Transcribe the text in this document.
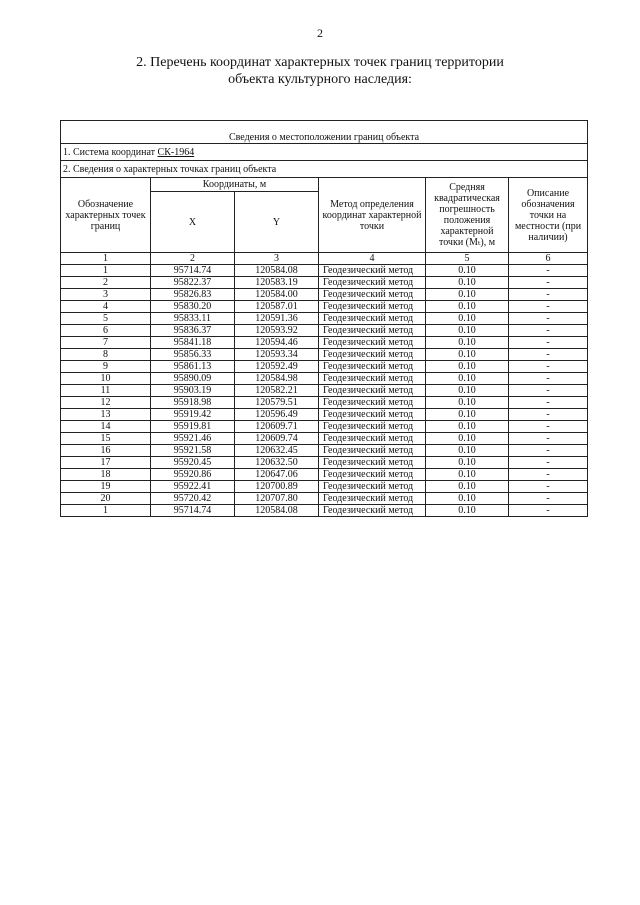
2
2. Перечень координат характерных точек границ территории
объекта культурного наследия:
Сведения о местоположении границ объекта					
1. Система координат СК-1964					
2. Сведения о характерных точках границ объекта					
Обозначение характерных точек границ	Координаты, м		Метод определения координат характерной точки	Средняя квадратическая погрешность положения характерной точки (Mₜ), м	Описание обозначения точки на местности (при наличии)
	X	Y			
1	2	3	4	5	6
1	95714.74	120584.08	Геодезический метод	0.10	-
2	95822.37	120583.19	Геодезический метод	0.10	-
3	95826.83	120584.00	Геодезический метод	0.10	-
4	95830.20	120587.01	Геодезический метод	0.10	-
5	95833.11	120591.36	Геодезический метод	0.10	-
6	95836.37	120593.92	Геодезический метод	0.10	-
7	95841.18	120594.46	Геодезический метод	0.10	-
8	95856.33	120593.34	Геодезический метод	0.10	-
9	95861.13	120592.49	Геодезический метод	0.10	-
10	95890.09	120584.98	Геодезический метод	0.10	-
11	95903.19	120582.21	Геодезический метод	0.10	-
12	95918.98	120579.51	Геодезический метод	0.10	-
13	95919.42	120596.49	Геодезический метод	0.10	-
14	95919.81	120609.71	Геодезический метод	0.10	-
15	95921.46	120609.74	Геодезический метод	0.10	-
16	95921.58	120632.45	Геодезический метод	0.10	-
17	95920.45	120632.50	Геодезический метод	0.10	-
18	95920.86	120647.06	Геодезический метод	0.10	-
19	95922.41	120700.89	Геодезический метод	0.10	-
20	95720.42	120707.80	Геодезический метод	0.10	-
1	95714.74	120584.08	Геодезический метод	0.10	-
